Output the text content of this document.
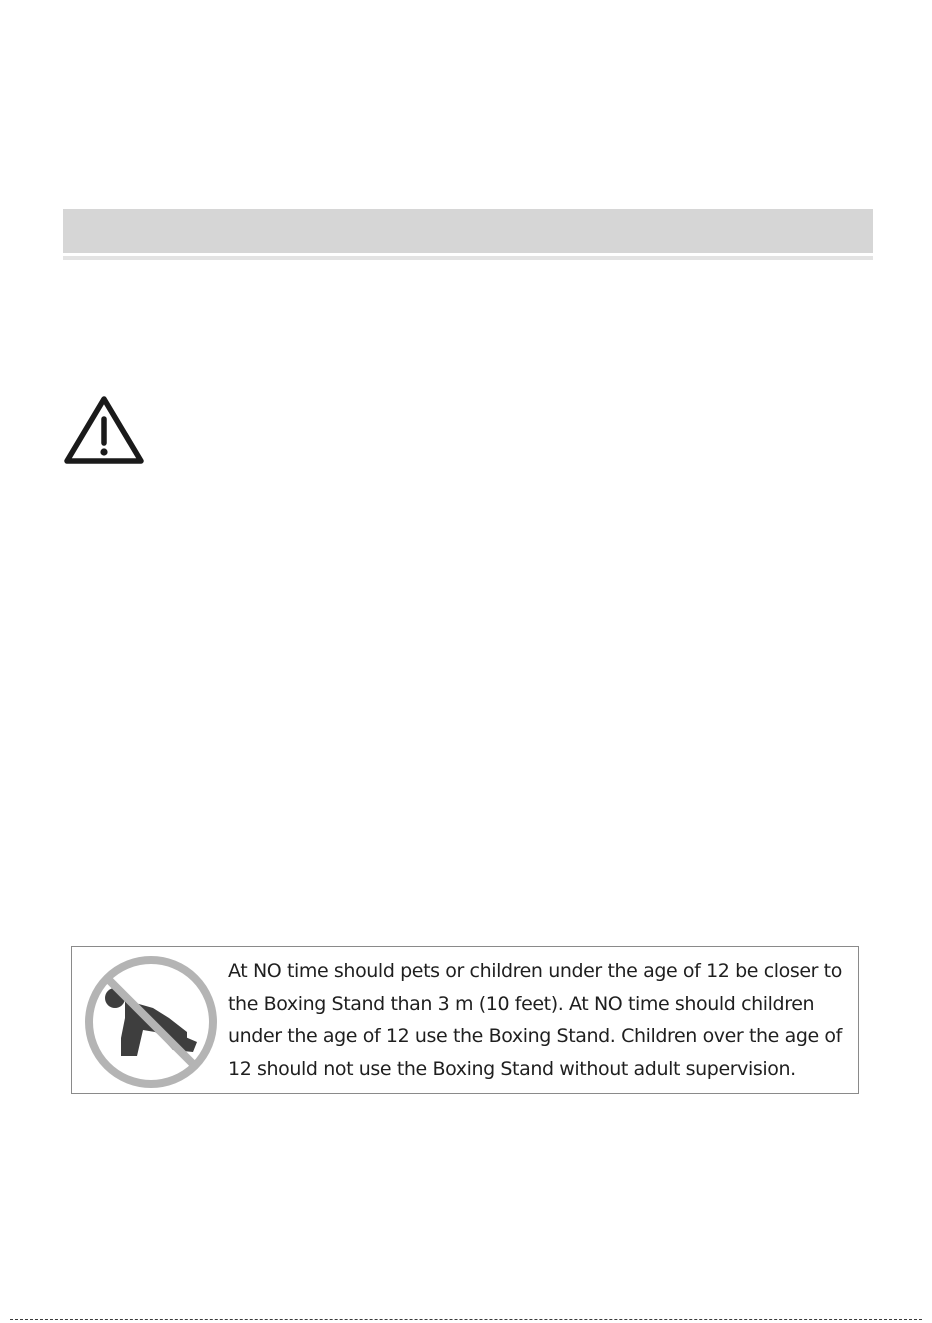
At NO time should pets or children under the age of 12 be closer to the Boxing Stand than 3 m (10 feet). At NO time should children under the age of 12 use the Boxing Stand. Children over the age of 12 should not use the Boxing Stand without adult supervision.
